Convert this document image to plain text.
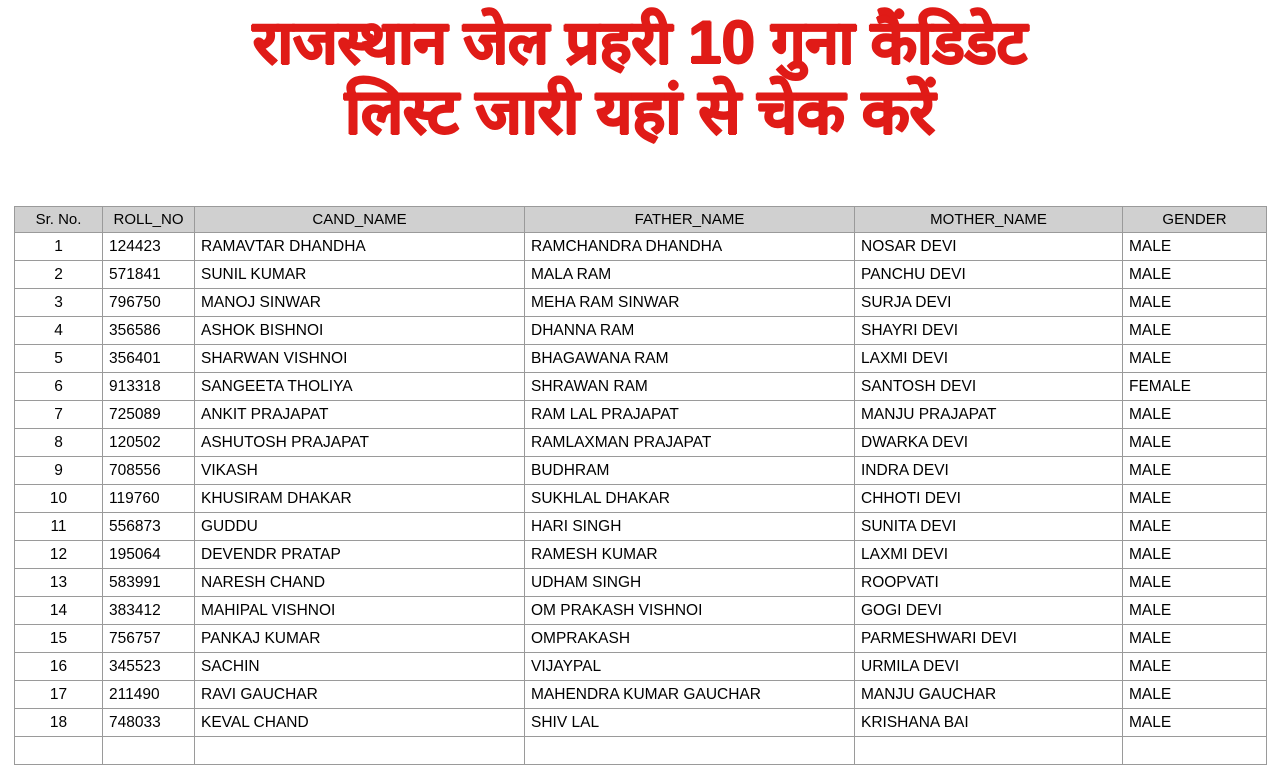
राजस्थान जेल प्रहरी 10 गुना कैंडिडेट
लिस्ट जारी यहां से चेक करें
Sr. No.	ROLL_NO	CAND_NAME	FATHER_NAME	MOTHER_NAME	GENDER
1	124423	RAMAVTAR DHANDHA	RAMCHANDRA DHANDHA	NOSAR DEVI	MALE
2	571841	SUNIL KUMAR	MALA RAM	PANCHU DEVI	MALE
3	796750	MANOJ SINWAR	MEHA RAM SINWAR	SURJA DEVI	MALE
4	356586	ASHOK BISHNOI	DHANNA RAM	SHAYRI DEVI	MALE
5	356401	SHARWAN VISHNOI	BHAGAWANA RAM	LAXMI DEVI	MALE
6	913318	SANGEETA THOLIYA	SHRAWAN RAM	SANTOSH DEVI	FEMALE
7	725089	ANKIT PRAJAPAT	RAM LAL PRAJAPAT	MANJU PRAJAPAT	MALE
8	120502	ASHUTOSH PRAJAPAT	RAMLAXMAN PRAJAPAT	DWARKA DEVI	MALE
9	708556	VIKASH	BUDHRAM	INDRA DEVI	MALE
10	119760	KHUSIRAM DHAKAR	SUKHLAL DHAKAR	CHHOTI DEVI	MALE
11	556873	GUDDU	HARI SINGH	SUNITA DEVI	MALE
12	195064	DEVENDR PRATAP	RAMESH KUMAR	LAXMI DEVI	MALE
13	583991	NARESH CHAND	UDHAM SINGH	ROOPVATI	MALE
14	383412	MAHIPAL VISHNOI	OM PRAKASH VISHNOI	GOGI DEVI	MALE
15	756757	PANKAJ KUMAR	OMPRAKASH	PARMESHWARI DEVI	MALE
16	345523	SACHIN	VIJAYPAL	URMILA DEVI	MALE
17	211490	RAVI GAUCHAR	MAHENDRA KUMAR GAUCHAR	MANJU GAUCHAR	MALE
18	748033	KEVAL CHAND	SHIV LAL	KRISHANA BAI	MALE
